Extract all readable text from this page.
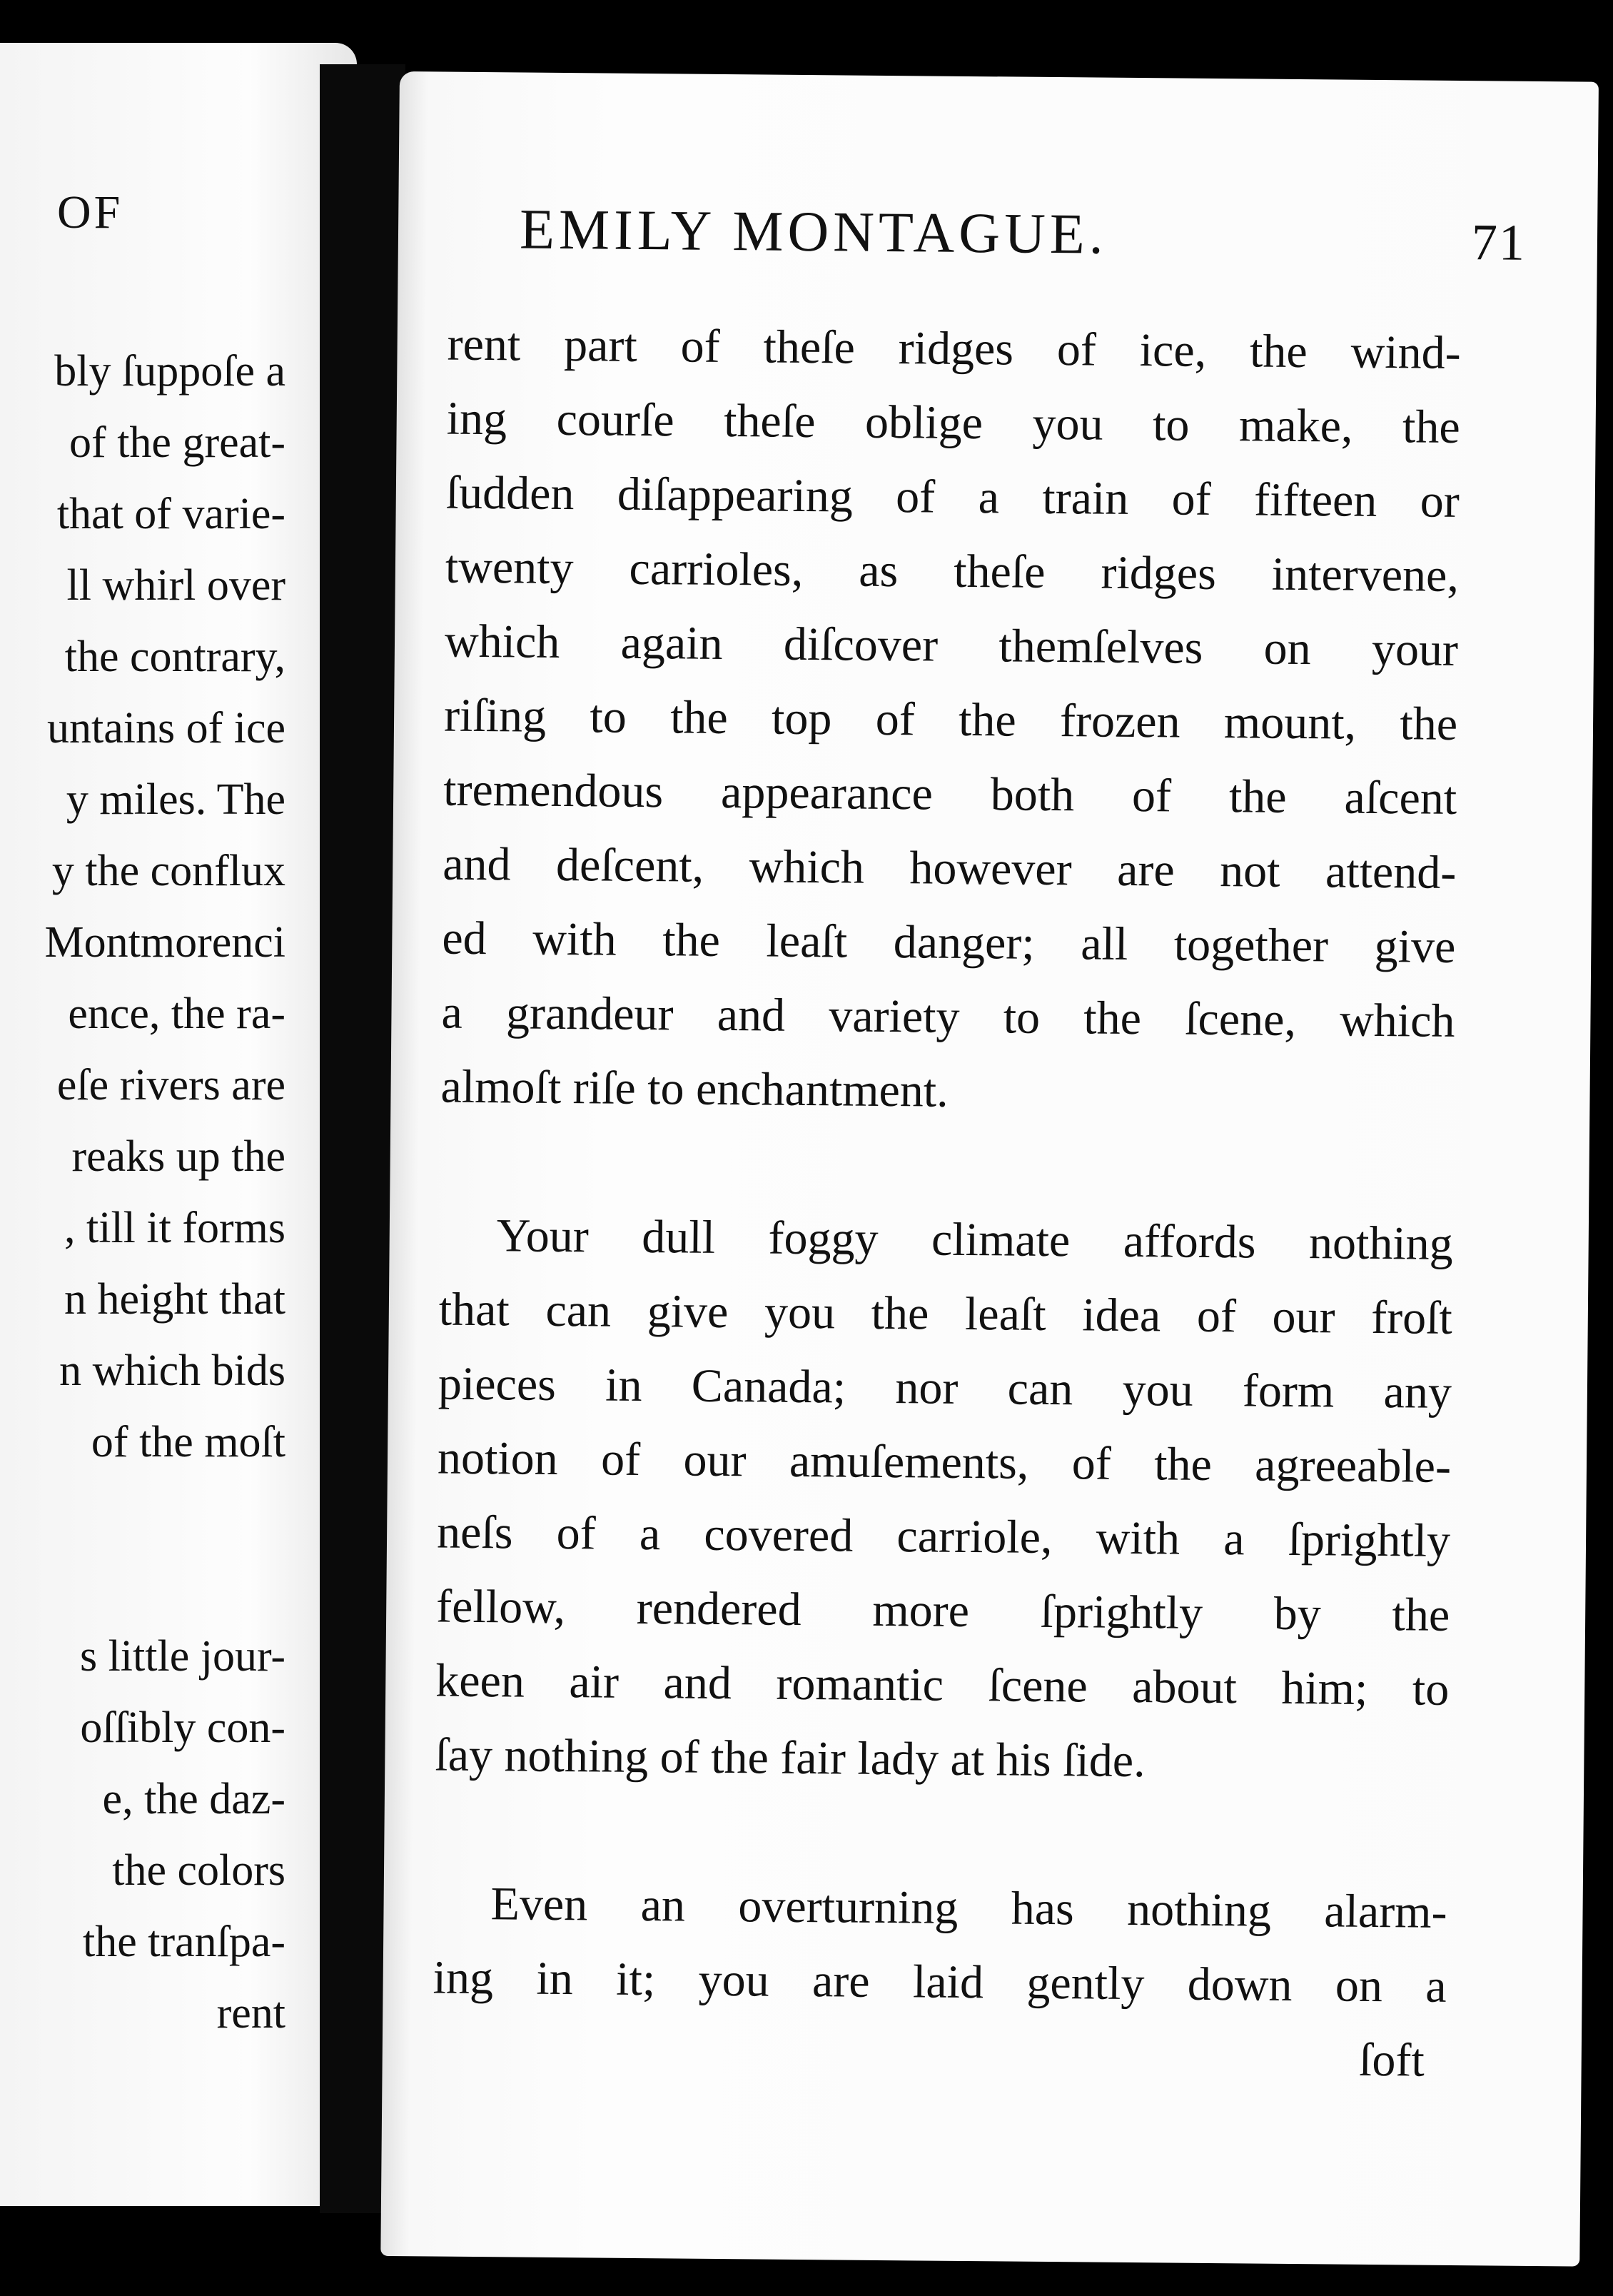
OF
bly ſuppoſe a
of the great-
that of varie-
ll whirl over
the contrary,
untains of ice
y miles. The
y the conflux
Montmorenci
ence, the ra-
eſe rivers are
reaks up the
, till it forms
n height that
n which bids
of the moſt
s little jour-
oſſibly con-
e, the daz-
the colors
the tranſpa-
rent
EMILY MONTAGUE.	71
rent part of theſe ridges of ice, the wind-
ing courſe theſe oblige you to make, the
ſudden diſappearing of a train of fifteen or
twenty carrioles, as theſe ridges intervene,
which again diſcover themſelves on your
riſing to the top of the frozen mount, the
tremendous appearance both of the aſcent
and deſcent, which however are not attend-
ed with the leaſt danger; all together give
a grandeur and variety to the ſcene, which
almoſt riſe to enchantment.
Your dull foggy climate affords nothing
that can give you the leaſt idea of our froſt
pieces in Canada; nor can you form any
notion of our amuſements, of the agreeable-
neſs of a covered carriole, with a ſprightly
fellow, rendered more ſprightly by the
keen air and romantic ſcene about him; to
ſay nothing of the fair lady at his ſide.
Even an overturning has nothing alarm-
ing in it; you are laid gently down on a
ſoft
